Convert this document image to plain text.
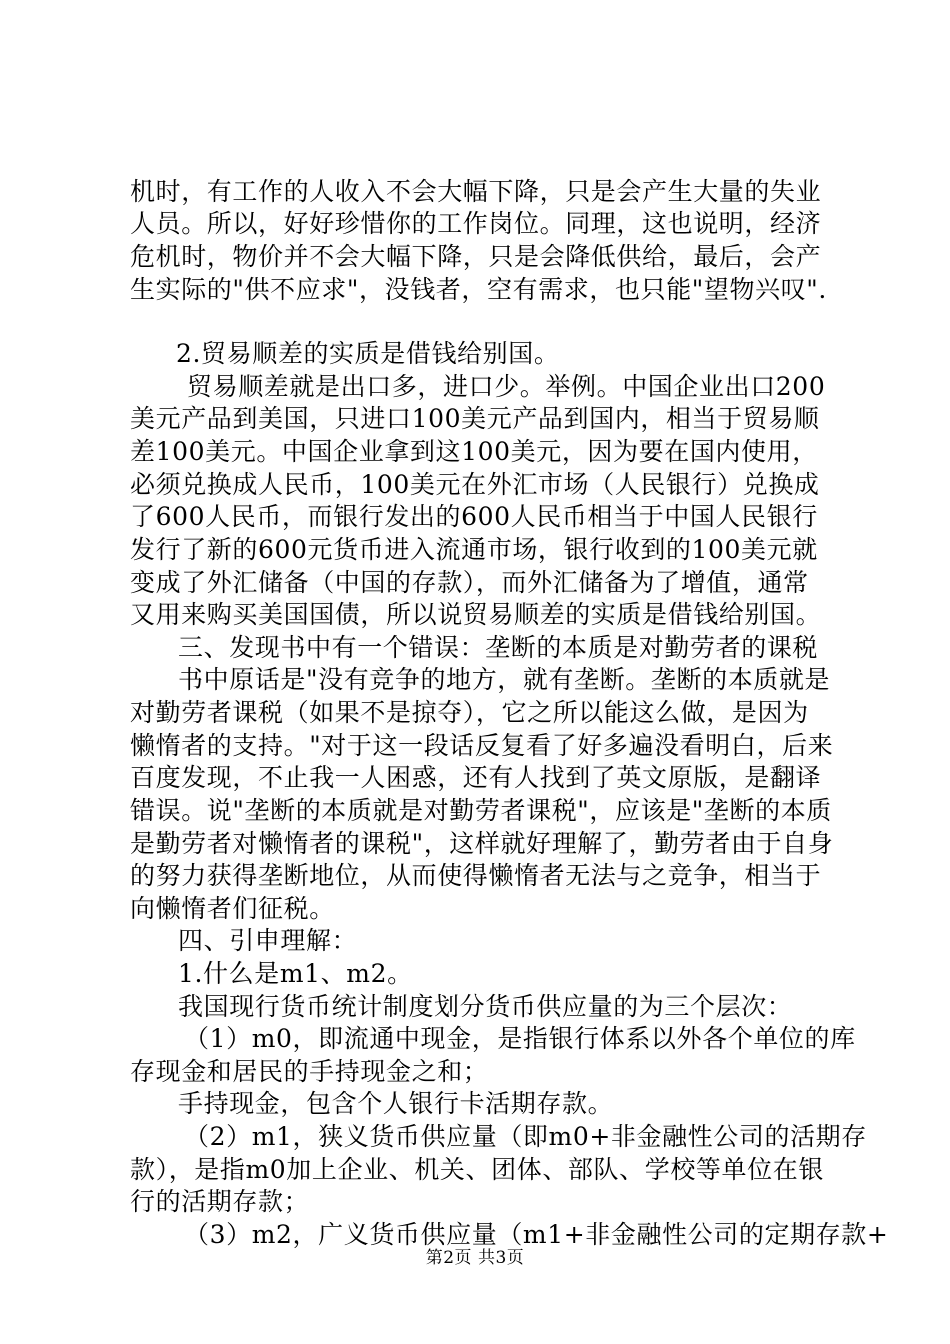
机时，有工作的人收入不会大幅下降，只是会产生大量的失业
人员。所以，好好珍惜你的工作岗位。同理，这也说明，经济
危机时，物价并不会大幅下降，只是会降低供给，最后，会产
生实际的"供不应求"，没钱者，空有需求，也只能"望物兴叹".
2.贸易顺差的实质是借钱给别国。
贸易顺差就是出口多，进口少。举例。中国企业出口200
美元产品到美国，只进口100美元产品到国内，相当于贸易顺
差100美元。中国企业拿到这100美元，因为要在国内使用，
必须兑换成人民币，100美元在外汇市场（人民银行）兑换成
了600人民币，而银行发出的600人民币相当于中国人民银行
发行了新的600元货币进入流通市场，银行收到的100美元就
变成了外汇储备（中国的存款），而外汇储备为了增值，通常
又用来购买美国国债，所以说贸易顺差的实质是借钱给别国。
三、发现书中有一个错误：垄断的本质是对勤劳者的课税
书中原话是"没有竞争的地方，就有垄断。垄断的本质就是
对勤劳者课税（如果不是掠夺），它之所以能这么做，是因为
懒惰者的支持。"对于这一段话反复看了好多遍没看明白，后来
百度发现，不止我一人困惑，还有人找到了英文原版，是翻译
错误。说"垄断的本质就是对勤劳者课税"，应该是"垄断的本质
是勤劳者对懒惰者的课税"，这样就好理解了，勤劳者由于自身
的努力获得垄断地位，从而使得懒惰者无法与之竞争，相当于
向懒惰者们征税。
四、引申理解：
1.什么是m1、m2。
我国现行货币统计制度划分货币供应量的为三个层次：
（1）m0，即流通中现金，是指银行体系以外各个单位的库
存现金和居民的手持现金之和；
手持现金，包含个人银行卡活期存款。
（2）m1，狭义货币供应量（即m0+非金融性公司的活期存
款），是指m0加上企业、机关、团体、部队、学校等单位在银
行的活期存款；
（3）m2，广义货币供应量（m1+非金融性公司的定期存款+
第2页 共3页
